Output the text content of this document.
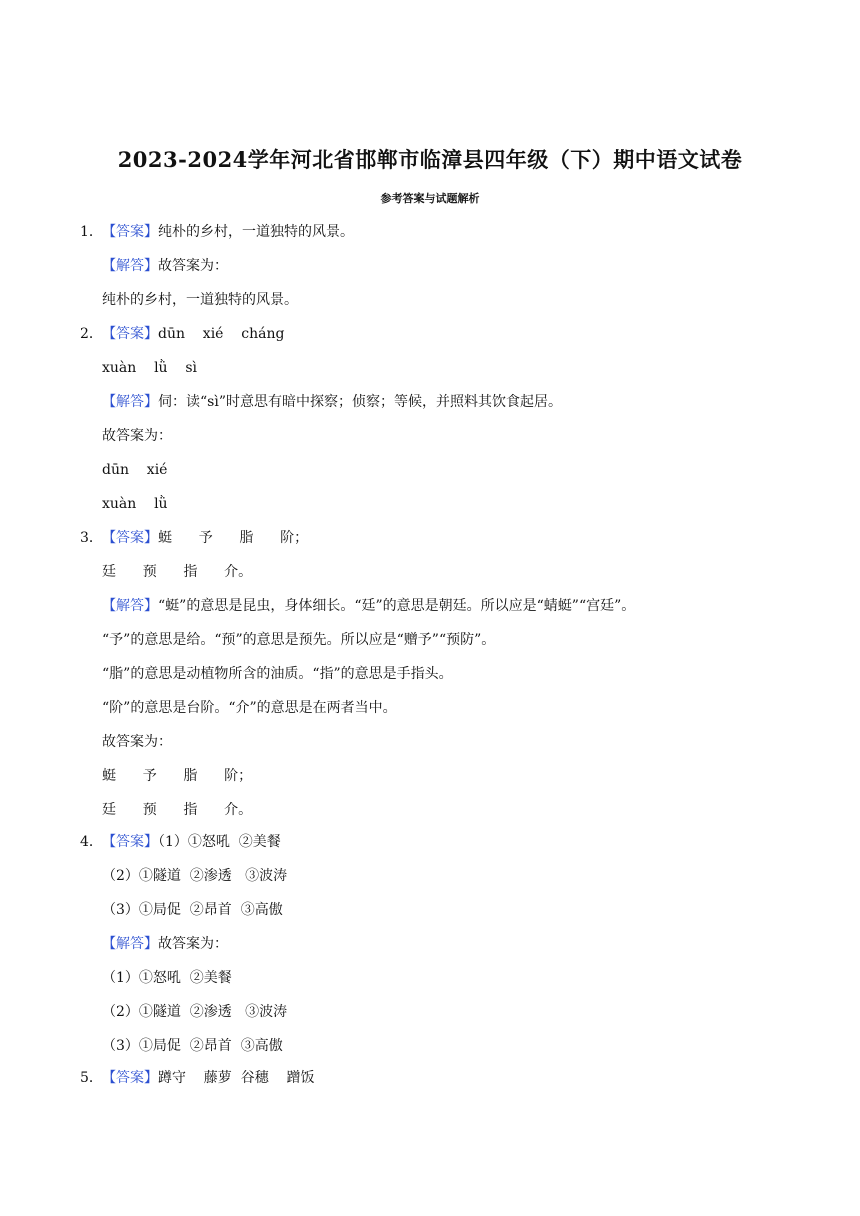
2023-2024学年河北省邯郸市临漳县四年级（下）期中语文试卷
参考答案与试题解析
1． 【答案】纯朴的乡村，一道独特的风景。
【解答】故答案为：
纯朴的乡村，一道独特的风景。
2． 【答案】dūn    xié    cháng
xuàn    lǜ    sì
【解答】伺：读“sì”时意思有暗中探察；侦察；等候，并照料其饮食起居。
故答案为：
dūn    xié
xuàn    lǜ
3． 【答案】蜓      予      脂      阶；
廷      预      指      介。
【解答】“蜓”的意思是昆虫，身体细长。“廷”的意思是朝廷。所以应是“蜻蜓”“宫廷”。
“予”的意思是给。“预”的意思是预先。所以应是“赠予”“预防”。
“脂”的意思是动植物所含的油质。“指”的意思是手指头。
“阶”的意思是台阶。“介”的意思是在两者当中。
故答案为：
蜓      予      脂      阶；
廷      预      指      介。
4． 【答案】（1）①怒吼  ②美餐
（2）①隧道  ②渗透   ③波涛
（3）①局促  ②昂首  ③高傲
【解答】故答案为：
（1）①怒吼  ②美餐
（2）①隧道  ②渗透   ③波涛
（3）①局促  ②昂首  ③高傲
5． 【答案】蹲守    藤萝  谷穗    蹭饭
